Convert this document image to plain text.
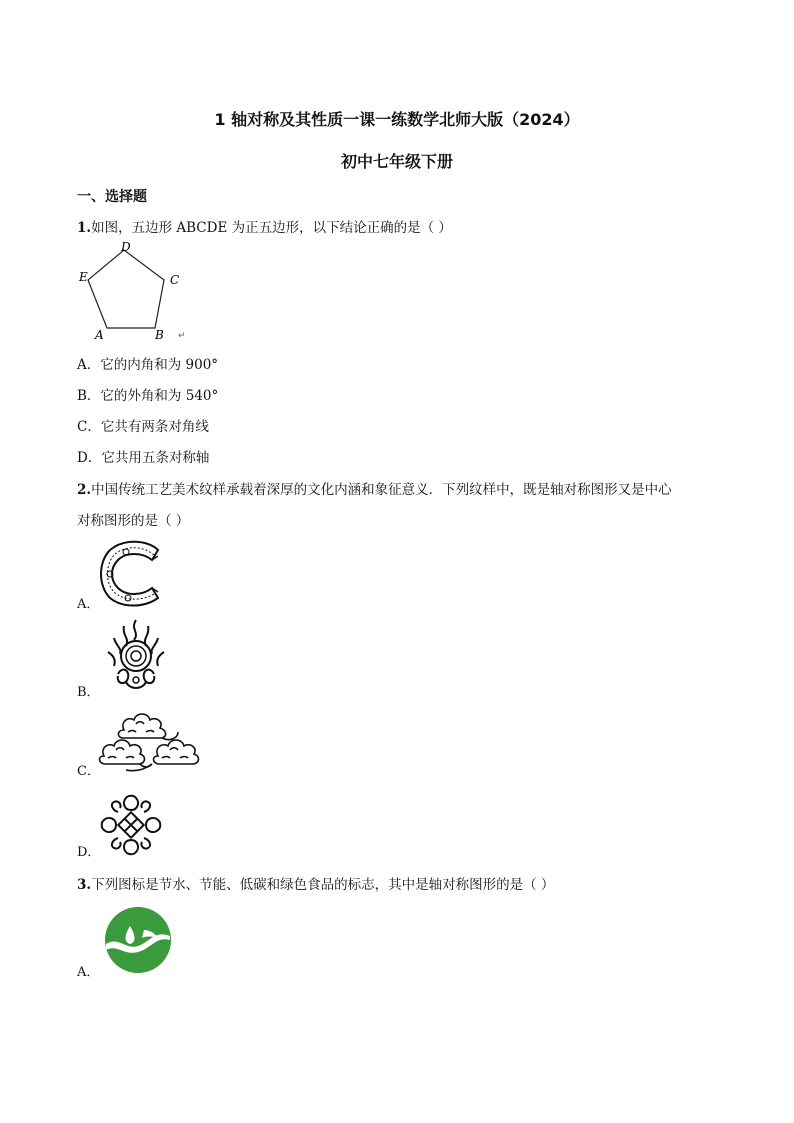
1 轴对称及其性质一课一练数学北师大版（2024）
初中七年级下册
一、选择题
1.如图，五边形 ABCDE 为正五边形，以下结论正确的是（ ）
D
E	C
A	B ↵
A．它的内角和为 900°
B．它的外角和为 540°
C．它共有两条对角线
D．它共用五条对称轴
2.中国传统工艺美术纹样承载着深厚的文化内涵和象征意义．下列纹样中，既是轴对称图形又是中心
对称图形的是（ ）
A．
B．
C．
D．
3.下列图标是节水、节能、低碳和绿色食品的标志，其中是轴对称图形的是（ ）
A．
